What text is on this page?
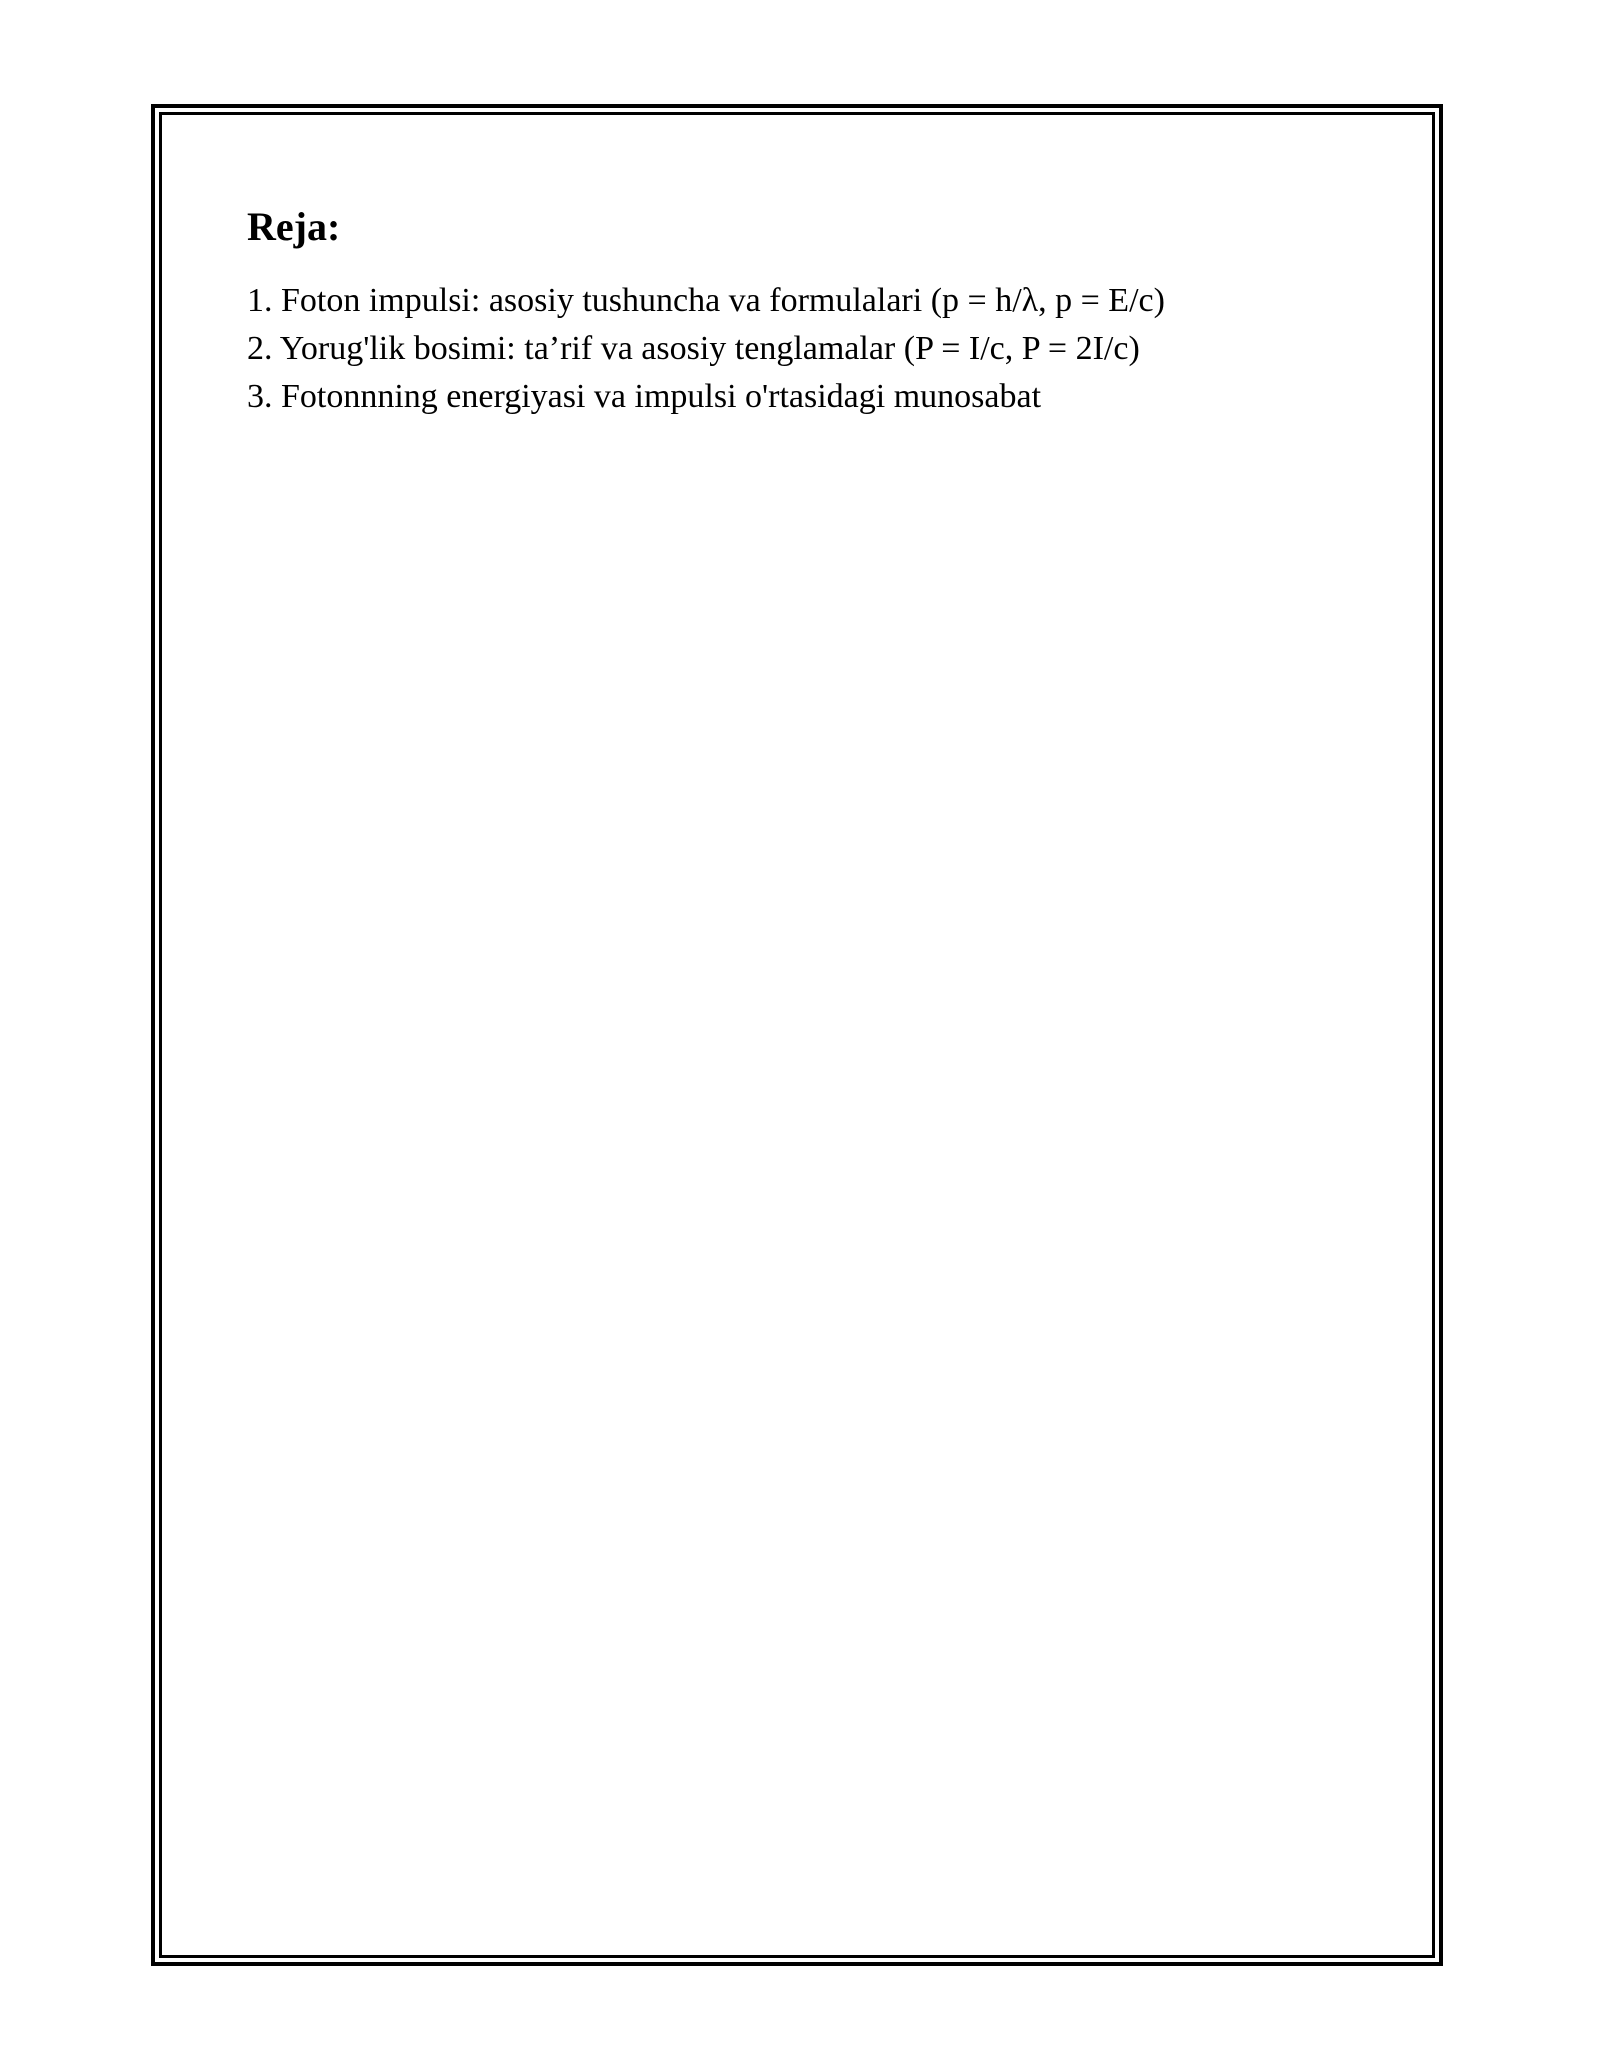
Reja:
1. Foton impulsi: asosiy tushuncha va formulalari (p = h/λ, p = E/c)
2. Yorug'lik bosimi: ta’rif va asosiy tenglamalar (P = I/c, P = 2I/c)
3. Fotonnning energiyasi va impulsi o'rtasidagi munosabat
